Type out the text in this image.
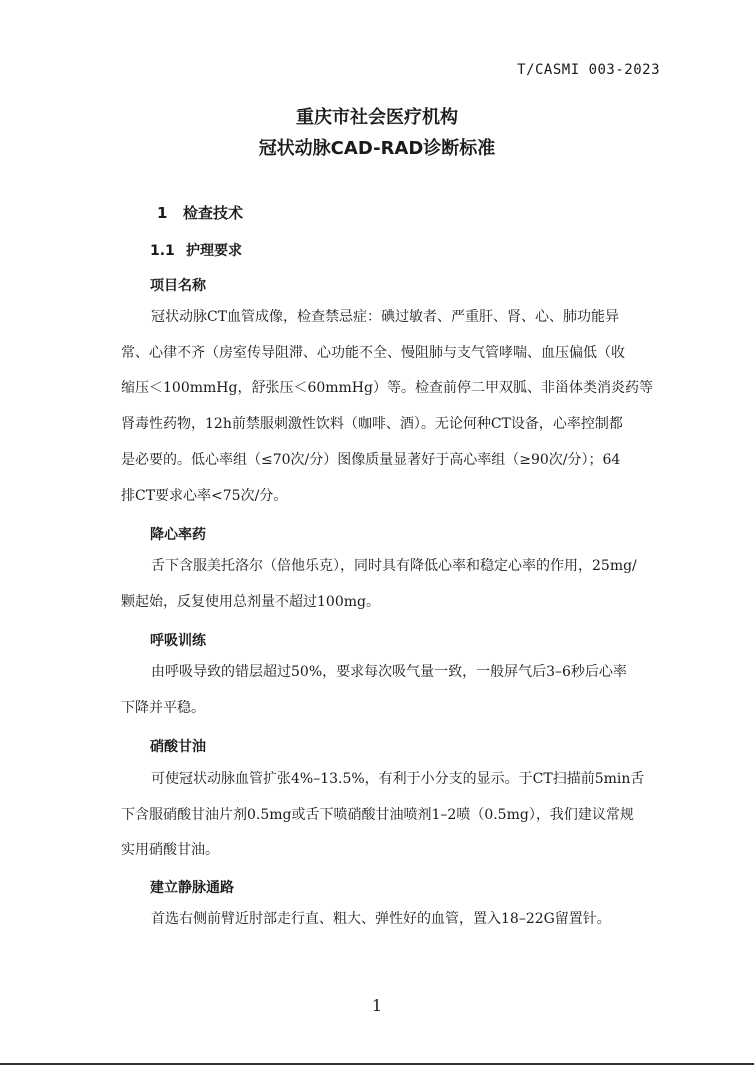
T/CASMI 003-2023
重庆市社会医疗机构
冠状动脉CAD-RAD诊断标准
1 检查技术
1.1 护理要求
项目名称
冠状动脉CT血管成像，检查禁忌症：碘过敏者、严重肝、肾、心、肺功能异
常、心律不齐（房室传导阻滞、心功能不全、慢阻肺与支气管哮喘、血压偏低（收
缩压＜100mmHg，舒张压＜60mmHg）等。检查前停二甲双胍、非甾体类消炎药等
肾毒性药物，12h前禁服刺激性饮料（咖啡、酒）。无论何种CT设备，心率控制都
是必要的。低心率组（≤70次/分）图像质量显著好于高心率组（≥90次/分）；64
排CT要求心率<75次/分。
降心率药
舌下含服美托洛尔（倍他乐克），同时具有降低心率和稳定心率的作用，25mg/
颗起始，反复使用总剂量不超过100mg。
呼吸训练
由呼吸导致的错层超过50%，要求每次吸气量一致，一般屏气后3–6秒后心率
下降并平稳。
硝酸甘油
可使冠状动脉血管扩张4%–13.5%，有利于小分支的显示。于CT扫描前5min舌
下含服硝酸甘油片剂0.5mg或舌下喷硝酸甘油喷剂1–2喷（0.5mg），我们建议常规
实用硝酸甘油。
建立静脉通路
首选右侧前臂近肘部走行直、粗大、弹性好的血管，置入18–22G留置针。
1
